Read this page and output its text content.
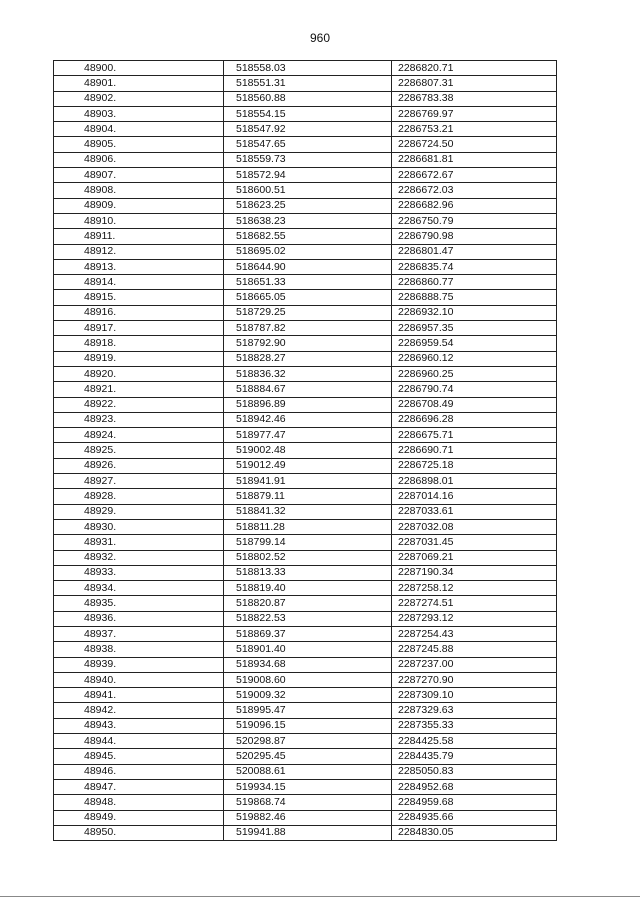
960
48900.	518558.03	2286820.71
48901.	518551.31	2286807.31
48902.	518560.88	2286783.38
48903.	518554.15	2286769.97
48904.	518547.92	2286753.21
48905.	518547.65	2286724.50
48906.	518559.73	2286681.81
48907.	518572.94	2286672.67
48908.	518600.51	2286672.03
48909.	518623.25	2286682.96
48910.	518638.23	2286750.79
48911.	518682.55	2286790.98
48912.	518695.02	2286801.47
48913.	518644.90	2286835.74
48914.	518651.33	2286860.77
48915.	518665.05	2286888.75
48916.	518729.25	2286932.10
48917.	518787.82	2286957.35
48918.	518792.90	2286959.54
48919.	518828.27	2286960.12
48920.	518836.32	2286960.25
48921.	518884.67	2286790.74
48922.	518896.89	2286708.49
48923.	518942.46	2286696.28
48924.	518977.47	2286675.71
48925.	519002.48	2286690.71
48926.	519012.49	2286725.18
48927.	518941.91	2286898.01
48928.	518879.11	2287014.16
48929.	518841.32	2287033.61
48930.	518811.28	2287032.08
48931.	518799.14	2287031.45
48932.	518802.52	2287069.21
48933.	518813.33	2287190.34
48934.	518819.40	2287258.12
48935.	518820.87	2287274.51
48936.	518822.53	2287293.12
48937.	518869.37	2287254.43
48938.	518901.40	2287245.88
48939.	518934.68	2287237.00
48940.	519008.60	2287270.90
48941.	519009.32	2287309.10
48942.	518995.47	2287329.63
48943.	519096.15	2287355.33
48944.	520298.87	2284425.58
48945.	520295.45	2284435.79
48946.	520088.61	2285050.83
48947.	519934.15	2284952.68
48948.	519868.74	2284959.68
48949.	519882.46	2284935.66
48950.	519941.88	2284830.05
